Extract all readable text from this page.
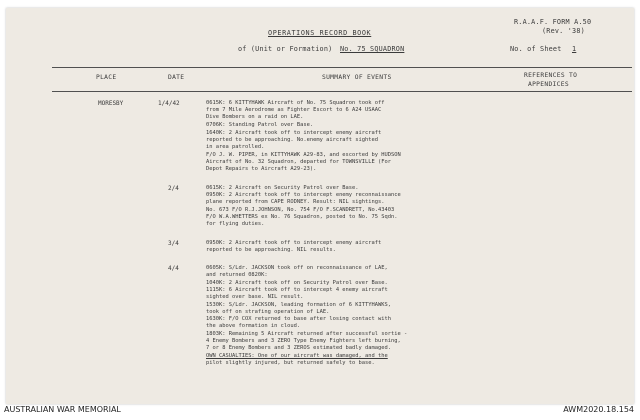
R.A.A.F. FORM A.50
(Rev. '38)
OPERATIONS RECORD BOOK
of (Unit or Formation) No. 75 SQUADRON	No. of Sheet 1
PLACE	DATE	SUMMARY OF EVENTS	REFERENCES TO
APPENDICES
MORESBY	1/4/42	0615K: 6 KITTYHAWK Aircraft of No. 75 Squadron took off
from 7 Mile Aerodrome as Fighter Escort to 6 A24 USAAC
Dive Bombers on a raid on LAE.
0706K: Standing Patrol over Base.
1640K: 2 Aircraft took off to intercept enemy aircraft
reported to be approaching. No.enemy aircraft sighted
in area patrolled.
F/O J. W. PIPER, in KITTYHAWK A29-83, and escorted by HUDSON
Aircraft of No. 32 Squadron, departed for TOWNSVILLE (For
Depot Repairs to Aircraft A29-23).
2/4	0615K: 2 Aircraft on Security Patrol over Base.
0950K: 2 Aircraft took off to intercept enemy reconnaissance
plane reported from CAPE RODNEY. Result: NIL sightings.
No. 673 F/O R.J.JOHNSON, No. 754 F/O F.SCANDRETT, No.43403
F/O W.A.WHETTERS ex No. 76 Squadron, posted to No. 75 Sqdn.
for flying duties.
3/4	0950K: 2 Aircraft took off to intercept enemy aircraft
reported to be approaching. NIL results.
4/4	0605K: S/Ldr. JACKSON took off on reconnaissance of LAE,
and returned 0820K:
1040K: 2 Aircraft took off on Security Patrol over Base.
1115K: 6 Aircraft took off to intercept 4 enemy aircraft
sighted over base. NIL result.
1530K: S/Ldr. JACKSON, leading formation of 6 KITTYHAWKS,
took off on strafing operation of LAE.
1630K: F/O COX returned to base after losing contact with
the above formation in cloud.
1803K: Remaining 5 Aircraft returned after successful sortie -
4 Enemy Bombers and 3 ZERO Type Enemy Fighters left burning,
7 or 8 Enemy Bombers and 3 ZEROS estimated badly damaged.
OWN CASUALTIES: One of our aircraft was damaged, and the
pilot slightly injured, but returned safely to base.
AUSTRALIAN WAR MEMORIAL	AWM2020.18.154
